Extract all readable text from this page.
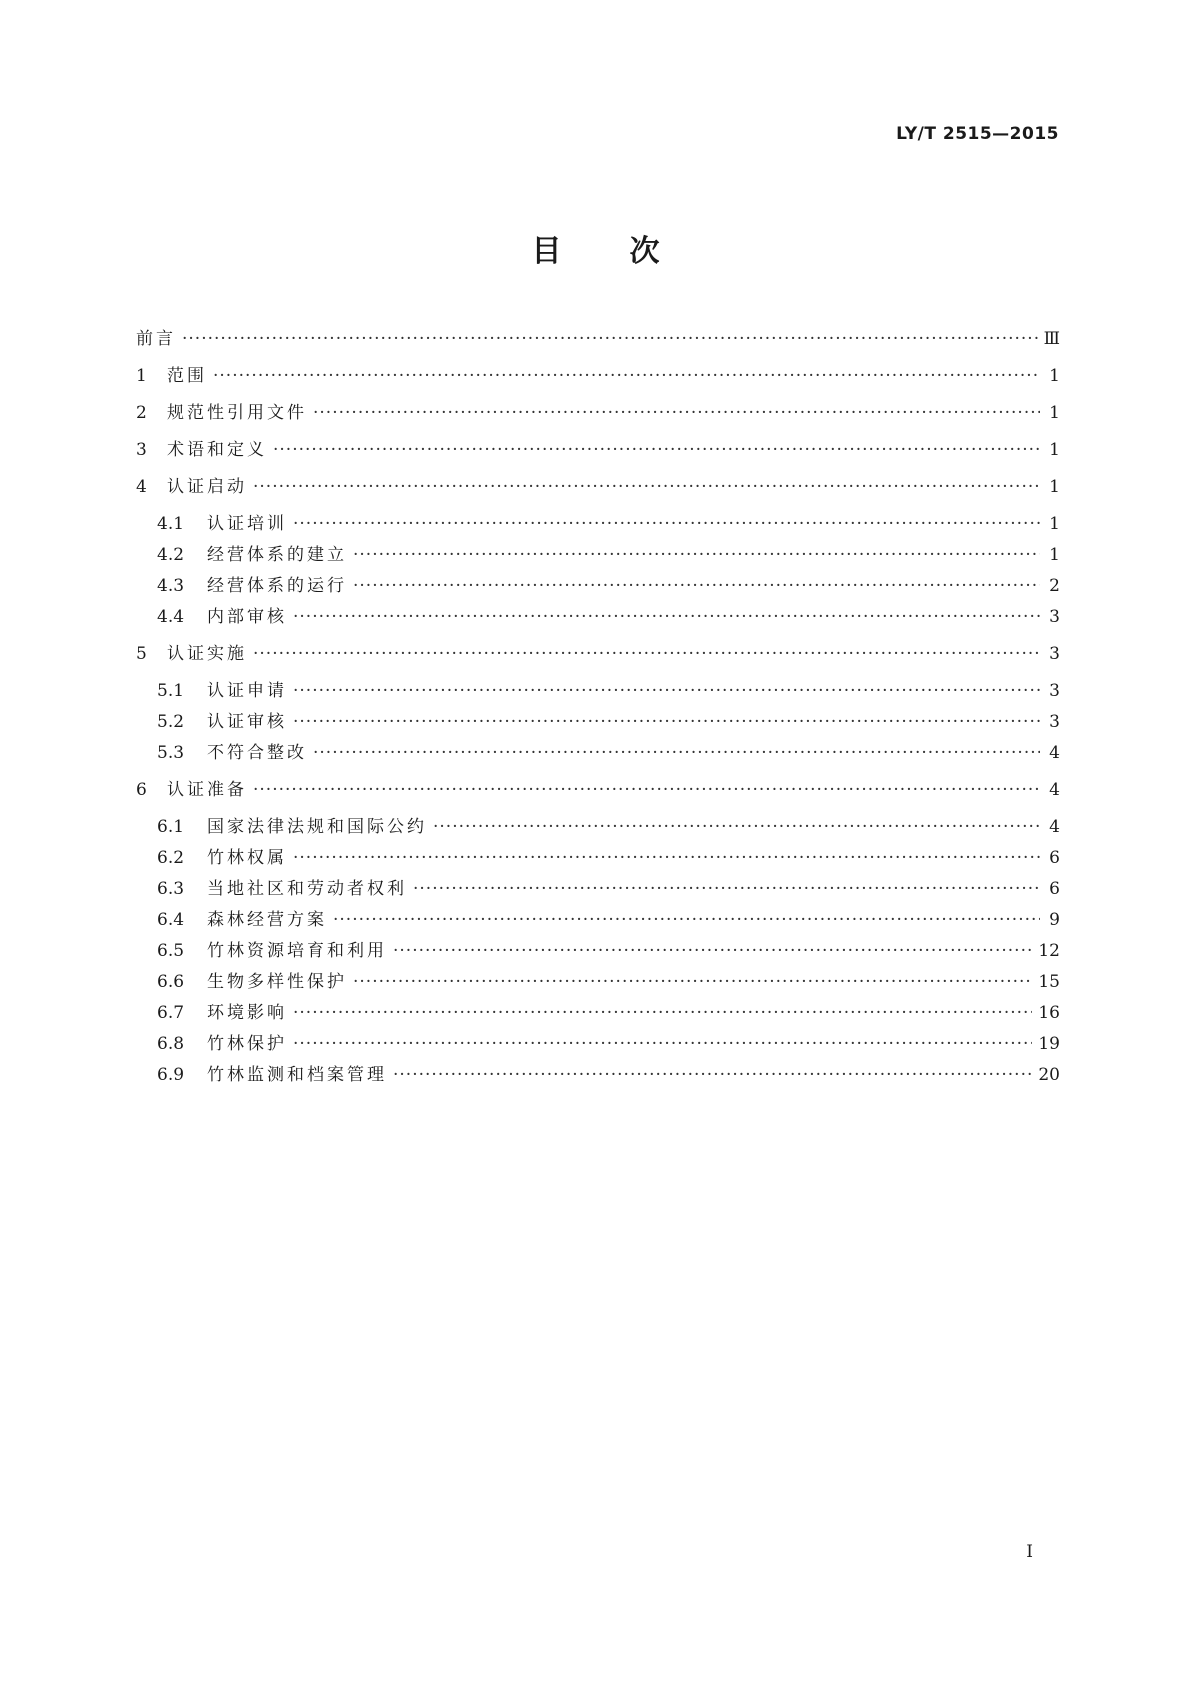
LY/T 2515—2015
目 次
前言 ·····	Ⅲ
1	范围 ·····	1
2	规范性引用文件 ·····	1
3	术语和定义 ·····	1
4	认证启动 ·····	1
4.1	认证培训 ·····	1
4.2	经营体系的建立 ·····	1
4.3	经营体系的运行 ·····	2
4.4	内部审核 ·····	3
5	认证实施 ·····	3
5.1	认证申请 ·····	3
5.2	认证审核 ·····	3
5.3	不符合整改 ·····	4
6	认证准备 ·····	4
6.1	国家法律法规和国际公约 ·····	4
6.2	竹林权属 ·····	6
6.3	当地社区和劳动者权利 ·····	6
6.4	森林经营方案 ·····	9
6.5	竹林资源培育和利用 ·····	12
6.6	生物多样性保护 ·····	15
6.7	环境影响 ·····	16
6.8	竹林保护 ·····	19
6.9	竹林监测和档案管理 ·····	20
I
